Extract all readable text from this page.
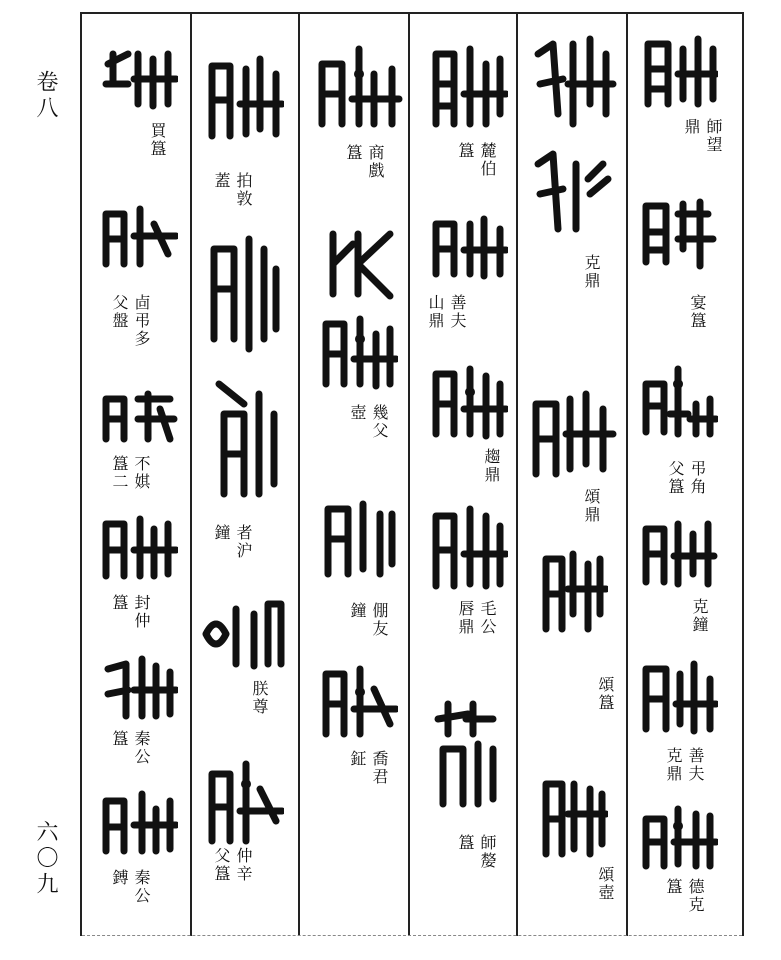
卷八
六〇九
師望
鼎
宴簋
弔角
父簋
克鐘
善夫
克鼎
德克
簋
克鼎
頌鼎
頌簋
頌壺
麓伯
簋
善夫
山鼎
趨鼎
毛公
唇鼎
師嫠
簋
商戲
簋
幾父
壺
倗友
鐘
喬君
鉦
拍敦
蓋
者沪
鐘
朕尊
仲辛
父簋
買簋
㔽弔多
父盤
不娸
簋二
封仲
簋
秦公
簋
秦公
鎛
